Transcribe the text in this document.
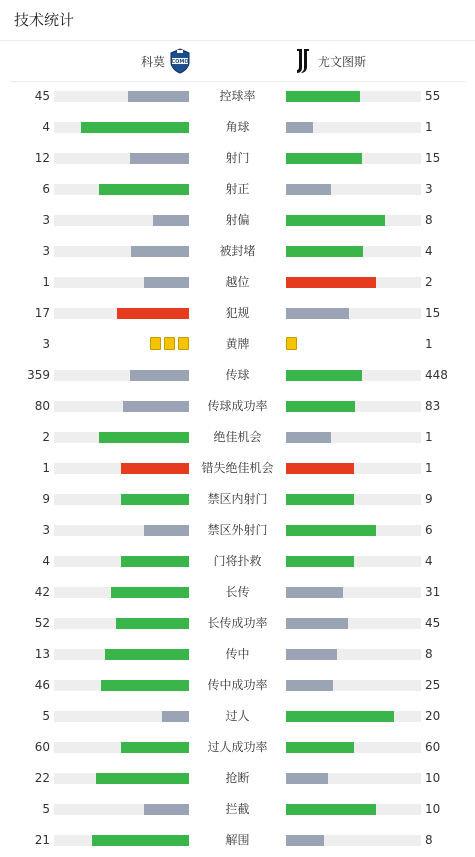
技术统计
科莫 COMO	尤文图斯
45	控球率	55
4	角球	1
12	射门	15
6	射正	3
3	射偏	8
3	被封堵	4
1	越位	2
17	犯规	15
3	黄牌	1
359	传球	448
80	传球成功率	83
2	绝佳机会	1
1	错失绝佳机会	1
9	禁区内射门	9
3	禁区外射门	6
4	门将扑救	4
42	长传	31
52	长传成功率	45
13	传中	8
46	传中成功率	25
5	过人	20
60	过人成功率	60
22	抢断	10
5	拦截	10
21	解围	8
